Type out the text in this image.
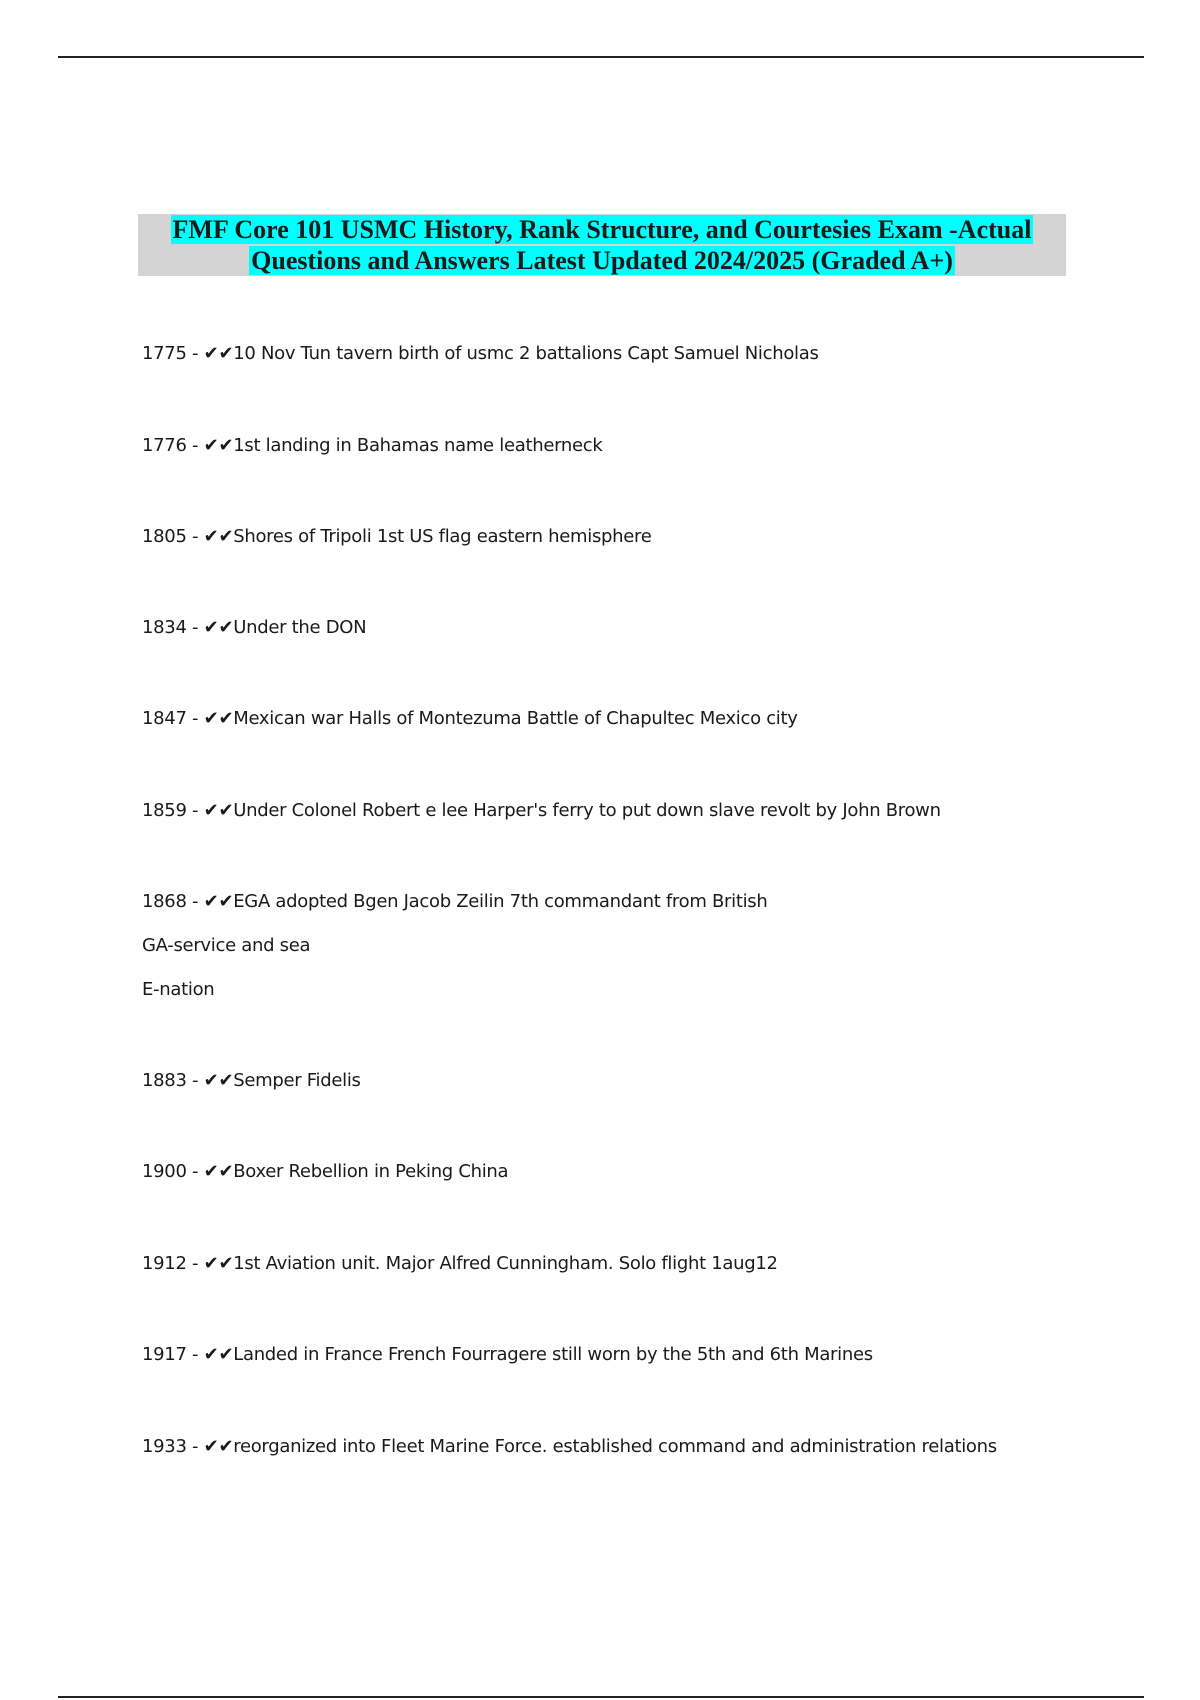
FMF Core 101 USMC History, Rank Structure, and Courtesies Exam -Actual
Questions and Answers Latest Updated 2024/2025 (Graded A+)
1775 - ✔✔10 Nov Tun tavern birth of usmc 2 battalions Capt Samuel Nicholas
1776 - ✔✔1st landing in Bahamas name leatherneck
1805 - ✔✔Shores of Tripoli 1st US flag eastern hemisphere
1834 - ✔✔Under the DON
1847 - ✔✔Mexican war Halls of Montezuma Battle of Chapultec Mexico city
1859 - ✔✔Under Colonel Robert e lee Harper's ferry to put down slave revolt by John Brown
1868 - ✔✔EGA adopted Bgen Jacob Zeilin 7th commandant from British
GA-service and sea
E-nation
1883 - ✔✔Semper Fidelis
1900 - ✔✔Boxer Rebellion in Peking China
1912 - ✔✔1st Aviation unit. Major Alfred Cunningham. Solo flight 1aug12
1917 - ✔✔Landed in France French Fourragere still worn by the 5th and 6th Marines
1933 - ✔✔reorganized into Fleet Marine Force. established command and administration relations
